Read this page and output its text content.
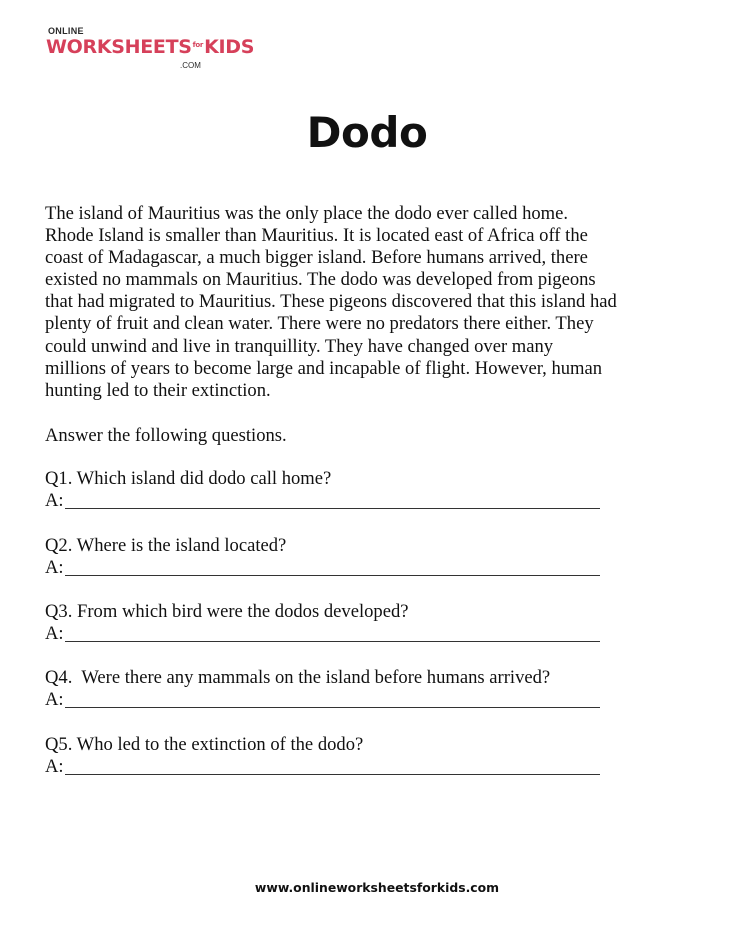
ONLINE
$WORKSHEETS^{for}KIDS$
.COM
Dodo
The island of Mauritius was the only place the dodo ever called home.
Rhode Island is smaller than Mauritius. It is located east of Africa off the
coast of Madagascar, a much bigger island. Before humans arrived, there
existed no mammals on Mauritius. The dodo was developed from pigeons
that had migrated to Mauritius. These pigeons discovered that this island had
plenty of fruit and clean water. There were no predators there either. They
could unwind and live in tranquillity. They have changed over many
millions of years to become large and incapable of flight. However, human
hunting led to their extinction.
Answer the following questions.
Q1. Which island did dodo call home?
A:
Q2. Where is the island located?
A:
Q3. From which bird were the dodos developed?
A:
Q4.  Were there any mammals on the island before humans arrived?
A:
Q5. Who led to the extinction of the dodo?
A:
www.onlineworksheetsforkids.com
